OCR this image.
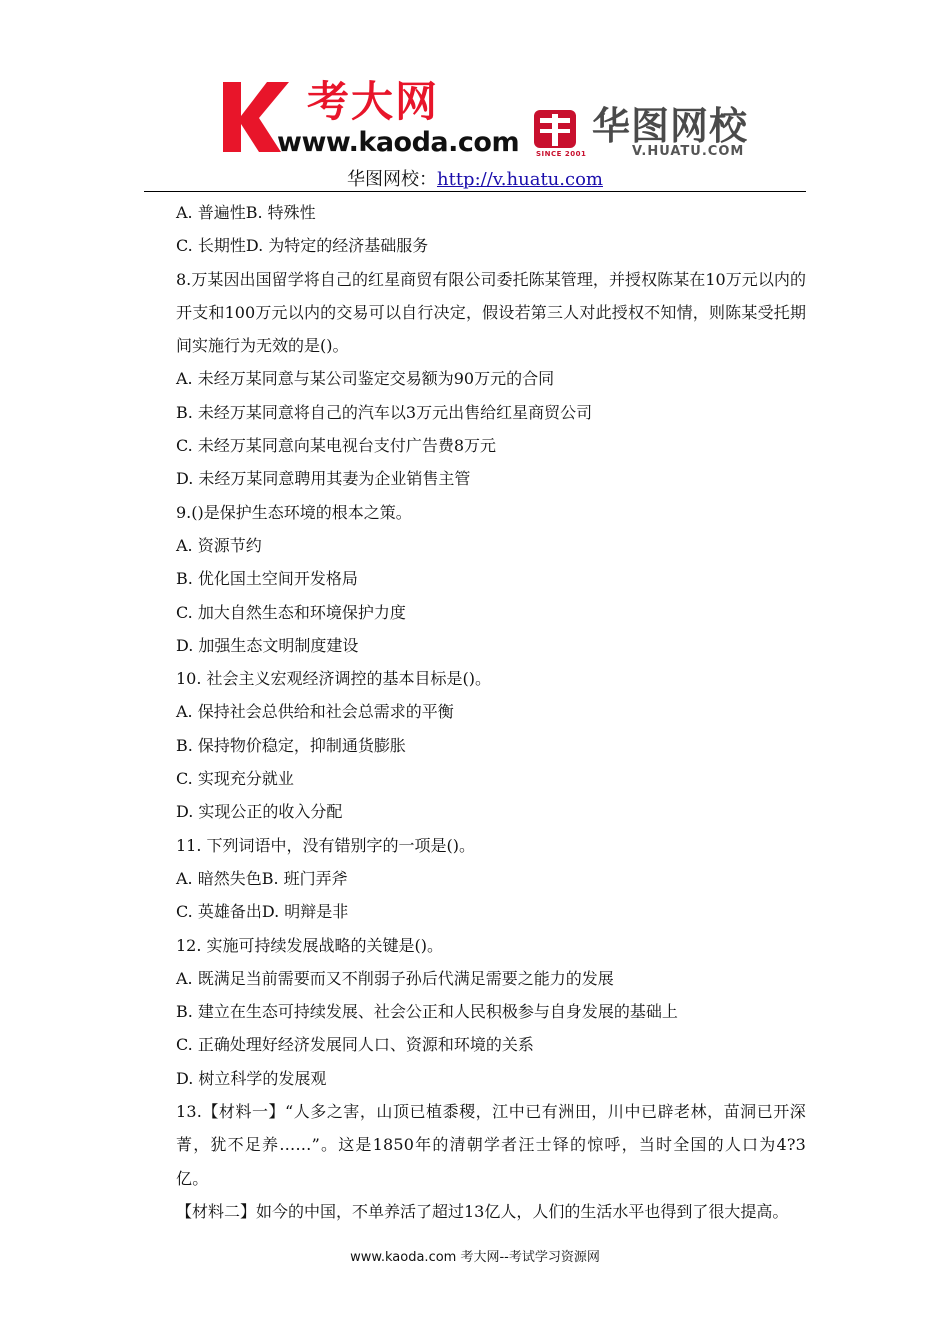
考大网
www.kaoda.com SINCE 2001
华图网校
V.HUATU.COM
华图网校：http://v.huatu.com
A. 普遍性B. 特殊性
C. 长期性D. 为特定的经济基础服务
8.万某因出国留学将自己的红星商贸有限公司委托陈某管理，并授权陈某在10万元以内的开支和100万元以内的交易可以自行决定，假设若第三人对此授权不知情，则陈某受托期间实施行为无效的是()。
A. 未经万某同意与某公司鉴定交易额为90万元的合同
B. 未经万某同意将自己的汽车以3万元出售给红星商贸公司
C. 未经万某同意向某电视台支付广告费8万元
D. 未经万某同意聘用其妻为企业销售主管
9.()是保护生态环境的根本之策。
A. 资源节约
B. 优化国土空间开发格局
C. 加大自然生态和环境保护力度
D. 加强生态文明制度建设
10. 社会主义宏观经济调控的基本目标是()。
A. 保持社会总供给和社会总需求的平衡
B. 保持物价稳定，抑制通货膨胀
C. 实现充分就业
D. 实现公正的收入分配
11. 下列词语中，没有错别字的一项是()。
A. 暗然失色B. 班门弄斧
C. 英雄备出D. 明辩是非
12. 实施可持续发展战略的关键是()。
A. 既满足当前需要而又不削弱子孙后代满足需要之能力的发展
B. 建立在生态可持续发展、社会公正和人民积极参与自身发展的基础上
C. 正确处理好经济发展同人口、资源和环境的关系
D. 树立科学的发展观
13.【材料一】“人多之害，山顶已植黍稷，江中已有洲田，川中已辟老林，苗洞已开深菁，犹不足养……”。这是1850年的清朝学者汪士铎的惊呼，当时全国的人口为4?3亿。
【材料二】如今的中国，不单养活了超过13亿人，人们的生活水平也得到了很大提高。
www.kaoda.com 考大网--考试学习资源网
